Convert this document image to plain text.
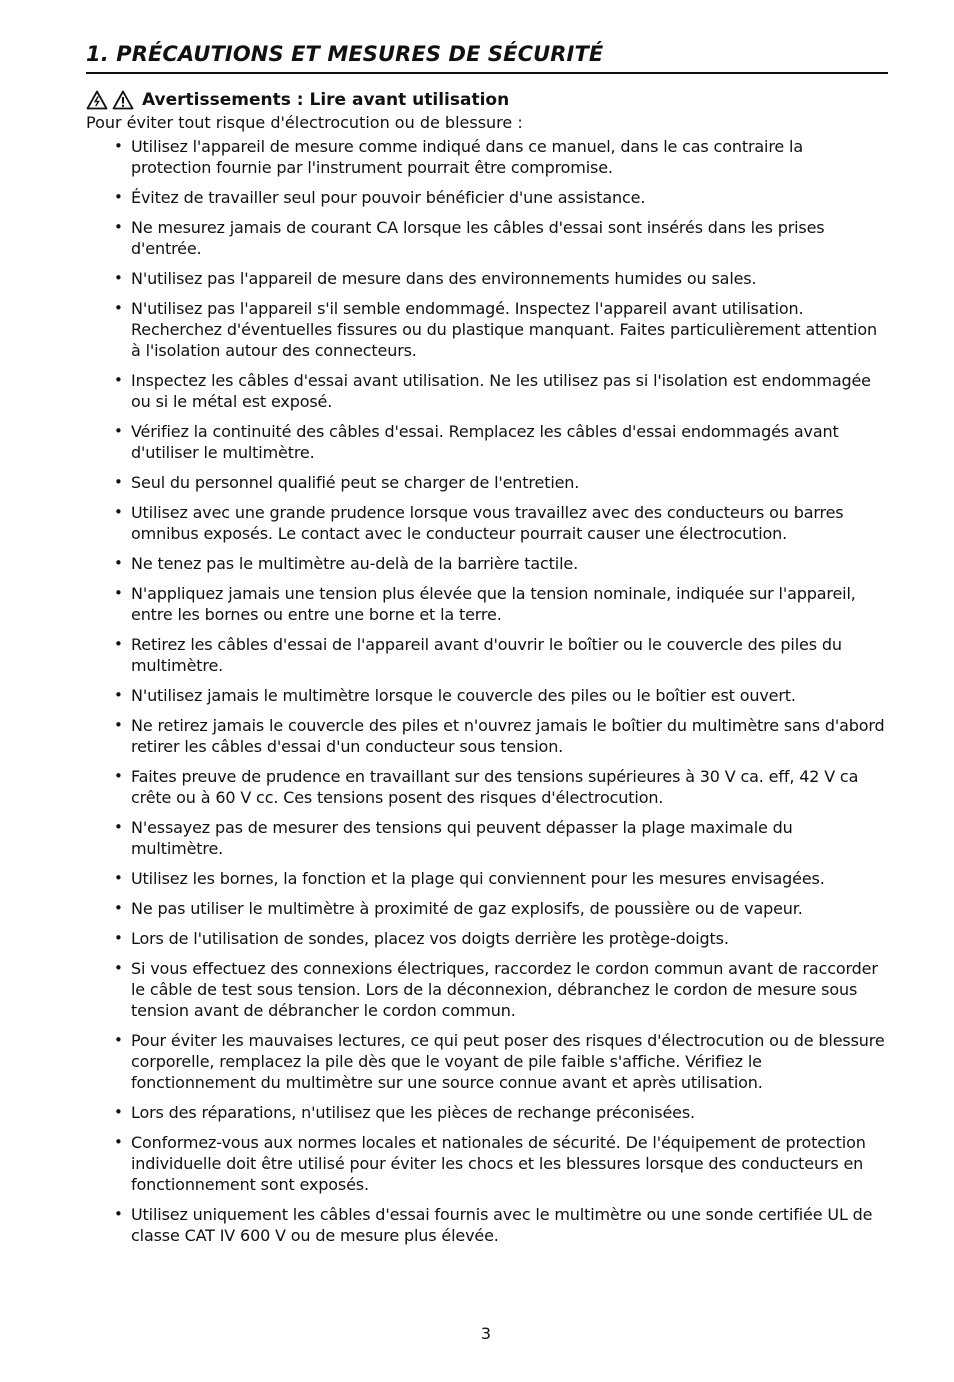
1. PRÉCAUTIONS ET MESURES DE SÉCURITÉ
Avertissements : Lire avant utilisation

Pour éviter tout risque d'électrocution ou de blessure :

• Utilisez l'appareil de mesure comme indiqué dans ce manuel, dans le cas contraire la protection fournie par l'instrument pourrait être compromise.
• Évitez de travailler seul pour pouvoir bénéficier d'une assistance.
• Ne mesurez jamais de courant CA lorsque les câbles d'essai sont insérés dans les prises d'entrée.
• N'utilisez pas l'appareil de mesure dans des environnements humides ou sales.
• N'utilisez pas l'appareil s'il semble endommagé. Inspectez l'appareil avant utilisation. Recherchez d'éventuelles fissures ou du plastique manquant. Faites particulièrement attention à l'isolation autour des connecteurs.
• Inspectez les câbles d'essai avant utilisation. Ne les utilisez pas si l'isolation est endommagée ou si le métal est exposé.
• Vérifiez la continuité des câbles d'essai. Remplacez les câbles d'essai endommagés avant d'utiliser le multimètre.
• Seul du personnel qualifié peut se charger de l'entretien.
• Utilisez avec une grande prudence lorsque vous travaillez avec des conducteurs ou barres omnibus exposés. Le contact avec le conducteur pourrait causer une électrocution.
• Ne tenez pas le multimètre au-delà de la barrière tactile.
• N'appliquez jamais une tension plus élevée que la tension nominale, indiquée sur l'appareil, entre les bornes ou entre une borne et la terre.
• Retirez les câbles d'essai de l'appareil avant d'ouvrir le boîtier ou le couvercle des piles du multimètre.
• N'utilisez jamais le multimètre lorsque le couvercle des piles ou le boîtier est ouvert.
• Ne retirez jamais le couvercle des piles et n'ouvrez jamais le boîtier du multimètre sans d'abord retirer les câbles d'essai d'un conducteur sous tension.
• Faites preuve de prudence en travaillant sur des tensions supérieures à 30 V ca. eff, 42 V ca crête ou à 60 V cc. Ces tensions posent des risques d'électrocution.
• N'essayez pas de mesurer des tensions qui peuvent dépasser la plage maximale du multimètre.
• Utilisez les bornes, la fonction et la plage qui conviennent pour les mesures envisagées.
• Ne pas utiliser le multimètre à proximité de gaz explosifs, de poussière ou de vapeur.
• Lors de l'utilisation de sondes, placez vos doigts derrière les protège-doigts.
• Si vous effectuez des connexions électriques, raccordez le cordon commun avant de raccorder le câble de test sous tension. Lors de la déconnexion, débranchez le cordon de mesure sous tension avant de débrancher le cordon commun.
• Pour éviter les mauvaises lectures, ce qui peut poser des risques d'électrocution ou de blessure corporelle, remplacez la pile dès que le voyant de pile faible s'affiche. Vérifiez le fonctionnement du multimètre sur une source connue avant et après utilisation.
• Lors des réparations, n'utilisez que les pièces de rechange préconisées.
• Conformez-vous aux normes locales et nationales de sécurité. De l'équipement de protection individuelle doit être utilisé pour éviter les chocs et les blessures lorsque des conducteurs en fonctionnement sont exposés.
• Utilisez uniquement les câbles d'essai fournis avec le multimètre ou une sonde certifiée UL de classe CAT IV 600 V ou de mesure plus élevée.
3
